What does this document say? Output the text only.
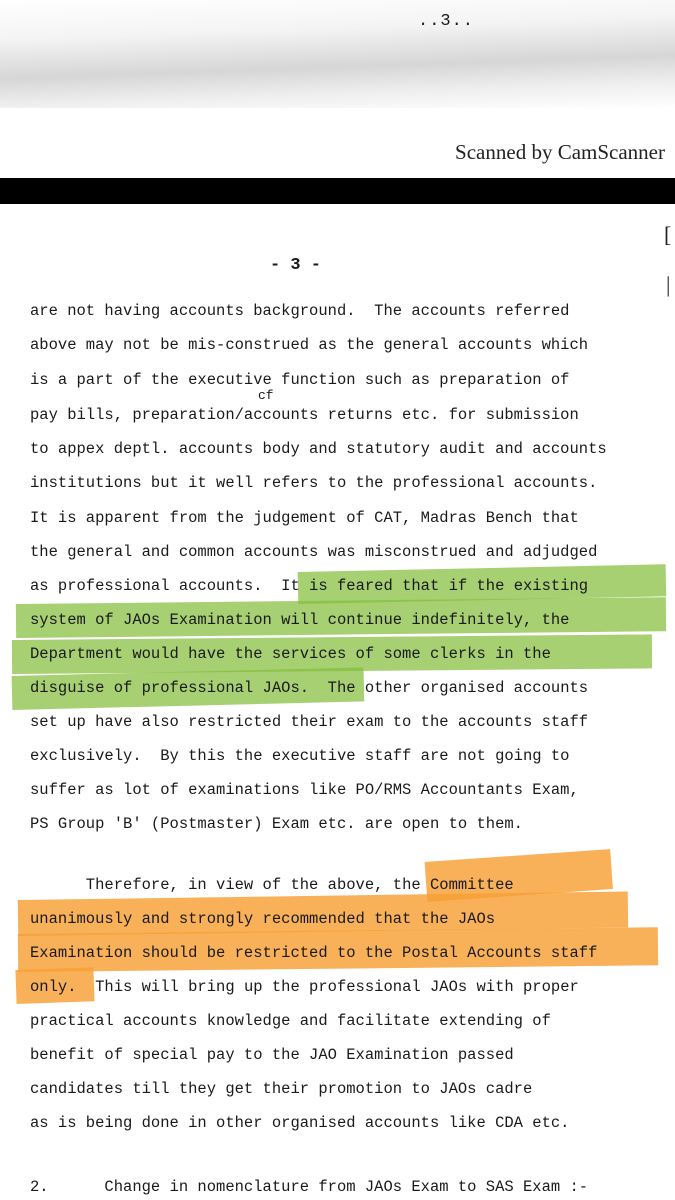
..3..
Scanned by CamScanner
[
|
- 3 -
cf
are not having accounts background.  The accounts referred
above may not be mis-construed as the general accounts which
is a part of the executive function such as preparation of
pay bills, preparation/accounts returns etc. for submission
to appex deptl. accounts body and statutory audit and accounts
institutions but it well refers to the professional accounts.
It is apparent from the judgement of CAT, Madras Bench that
the general and common accounts was misconstrued and adjudged
as professional accounts.  It is feared that if the existing
system of JAOs Examination will continue indefinitely, the
Department would have the services of some clerks in the
disguise of professional JAOs.  The other organised accounts
set up have also restricted their exam to the accounts staff
exclusively.  By this the executive staff are not going to
suffer as lot of examinations like PO/RMS Accountants Exam,
PS Group 'B' (Postmaster) Exam etc. are open to them.
Therefore, in view of the above, the Committee
unanimously and strongly recommended that the JAOs
Examination should be restricted to the Postal Accounts staff
only.  This will bring up the professional JAOs with proper
practical accounts knowledge and facilitate extending of
benefit of special pay to the JAO Examination passed
candidates till they get their promotion to JAOs cadre
as is being done in other organised accounts like CDA etc.
2.      Change in nomenclature from JAOs Exam to SAS Exam :-
